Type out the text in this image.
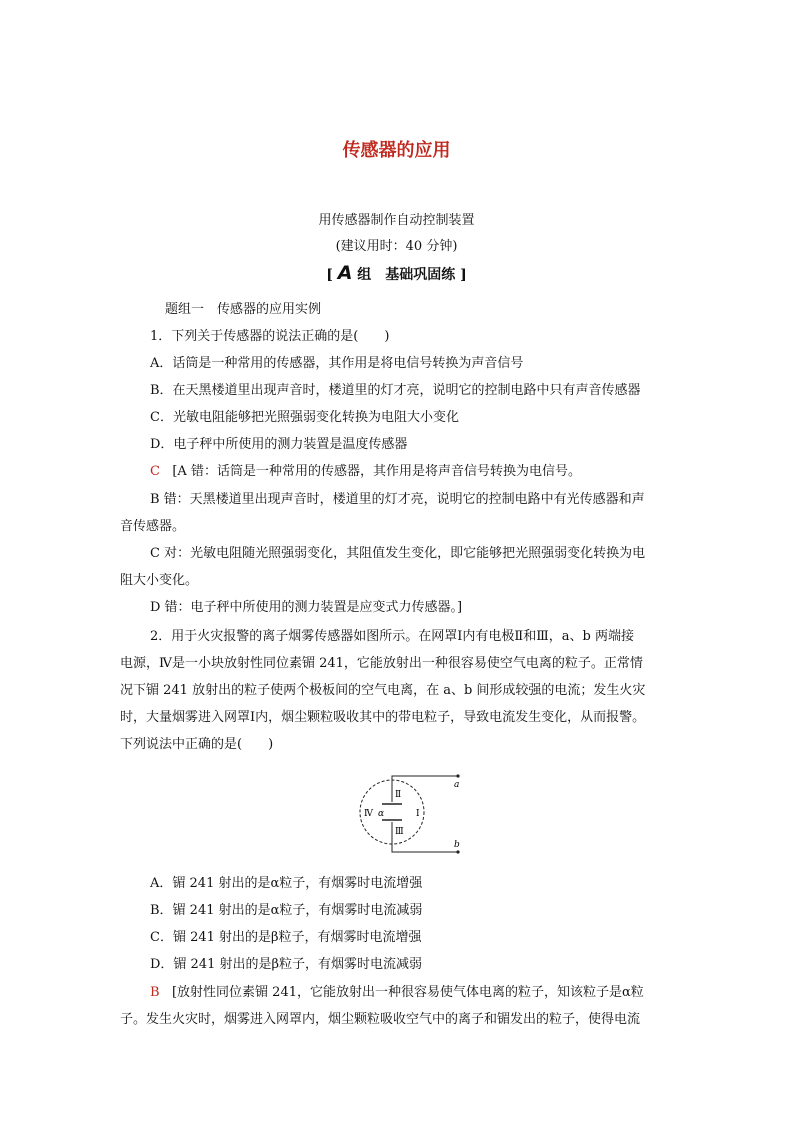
传感器的应用
用传感器制作自动控制装置
(建议用时：40 分钟)
[ A 组　基础巩固练 ]
题组一　传感器的应用实例
1．下列关于传感器的说法正确的是(　　)
A．话筒是一种常用的传感器，其作用是将电信号转换为声音信号
B．在天黑楼道里出现声音时，楼道里的灯才亮，说明它的控制电路中只有声音传感器
C．光敏电阻能够把光照强弱变化转换为电阻大小变化
D．电子秤中所使用的测力装置是温度传感器
C [A 错：话筒是一种常用的传感器，其作用是将声音信号转换为电信号。
B 错：天黑楼道里出现声音时，楼道里的灯才亮，说明它的控制电路中有光传感器和声
音传感器。
C 对：光敏电阻随光照强弱变化，其阻值发生变化，即它能够把光照强弱变化转换为电
阻大小变化。
D 错：电子秤中所使用的测力装置是应变式力传感器。]
2．用于火灾报警的离子烟雾传感器如图所示。在网罩Ⅰ内有电极Ⅱ和Ⅲ，a、b 两端接
电源，Ⅳ是一小块放射性同位素镅 241，它能放射出一种很容易使空气电离的粒子。正常情
况下镅 241 放射出的粒子使两个极板间的空气电离，在 a、b 间形成较强的电流；发生火灾
时，大量烟雾进入网罩Ⅰ内，烟尘颗粒吸收其中的带电粒子，导致电流发生变化，从而报警。
下列说法中正确的是(　　)
Ⅱ
Ⅲ
Ⅳ α	Ⅰ
a
b
A．镅 241 射出的是α粒子，有烟雾时电流增强
B．镅 241 射出的是α粒子，有烟雾时电流减弱
C．镅 241 射出的是β粒子，有烟雾时电流增强
D．镅 241 射出的是β粒子，有烟雾时电流减弱
B [放射性同位素镅 241，它能放射出一种很容易使气体电离的粒子，知该粒子是α粒
子。发生火灾时，烟雾进入网罩内，烟尘颗粒吸收空气中的离子和镅发出的粒子，使得电流
